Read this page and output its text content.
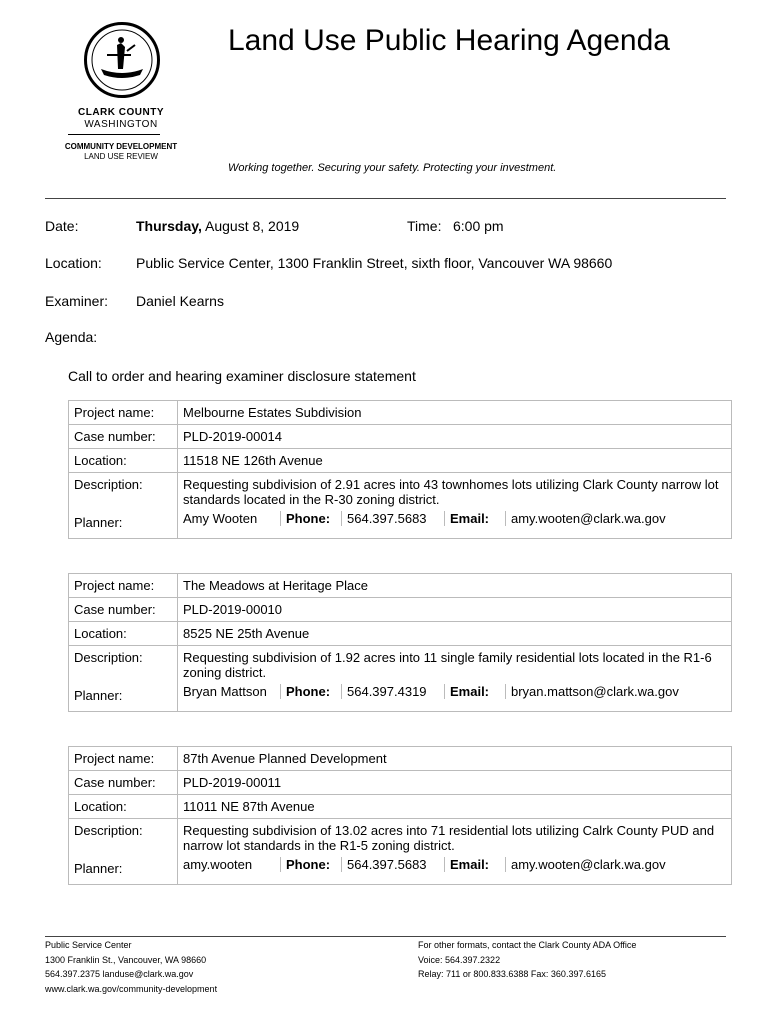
CLARK COUNTY
WASHINGTON
COMMUNITY DEVELOPMENT
LAND USE REVIEW
Land Use Public Hearing Agenda
Working together. Securing your safety. Protecting your investment.
Date:	Thursday, August 8, 2019	Time: 6:00 pm
Location: Public Service Center, 1300 Franklin Street, sixth floor, Vancouver WA 98660
Examiner: Daniel Kearns
Agenda:
Call to order and hearing examiner disclosure statement
Project name:	Melbourne Estates Subdivision
Case number:	PLD-2019-00014
Location:	11518 NE 126th Avenue
Description:	Requesting subdivision of 2.91 acres into 43 townhomes lots utilizing Clark County narrow lot standards located in the R-30 zoning district.
Planner:	Amy Wooten Phone: 564.397.5683 Email: amy.wooten@clark.wa.gov
Project name:	The Meadows at Heritage Place
Case number:	PLD-2019-00010
Location:	8525 NE 25th Avenue
Description:	Requesting subdivision of 1.92 acres into 11 single family residential lots located in the R1-6 zoning district.
Planner:	Bryan Mattson Phone: 564.397.4319 Email: bryan.mattson@clark.wa.gov
Project name:	87th Avenue Planned Development
Case number:	PLD-2019-00011
Location:	11011 NE 87th Avenue
Description:	Requesting subdivision of 13.02 acres into 71 residential lots utilizing Calrk County PUD and narrow lot standards in the R1-5 zoning district.
Planner:	amy.wooten Phone: 564.397.5683 Email: amy.wooten@clark.wa.gov
Public Service Center
1300 Franklin St., Vancouver, WA 98660
564.397.2375 landuse@clark.wa.gov
www.clark.wa.gov/community-development
For other formats, contact the Clark County ADA Office
Voice: 564.397.2322
Relay: 711 or 800.833.6388 Fax: 360.397.6165
